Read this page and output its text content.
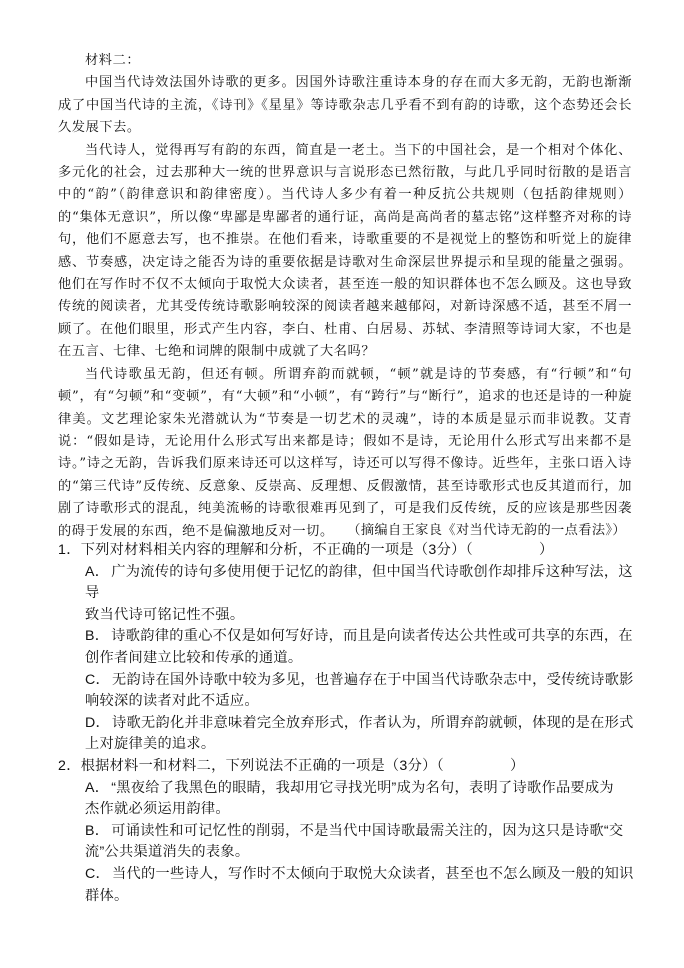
材料二：

中国当代诗效法国外诗歌的更多。因国外诗歌注重诗本身的存在而大多无韵，无韵也渐渐成了中国当代诗的主流，《诗刊》《星星》等诗歌杂志几乎看不到有韵的诗歌，这个态势还会长久发展下去。

当代诗人，觉得再写有韵的东西，简直是一老土。当下的中国社会，是一个相对个体化、多元化的社会，过去那种大一统的世界意识与言说形态已然衍散，与此几乎同时衍散的是语言中的“韵”（韵律意识和韵律密度）。当代诗人多少有着一种反抗公共规则（包括韵律规则）的“集体无意识”，所以像“卑鄙是卑鄙者的通行证，高尚是高尚者的墓志铭”这样整齐对称的诗句，他们不愿意去写，也不推崇。在他们看来，诗歌重要的不是视觉上的整饬和听觉上的旋律感、节奏感，决定诗之能否为诗的重要依据是诗歌对生命深层世界提示和呈现的能量之强弱。他们在写作时不仅不太倾向于取悦大众读者，甚至连一般的知识群体也不怎么顾及。这也导致传统的阅读者，尤其受传统诗歌影响较深的阅读者越来越郁闷，对新诗深感不适，甚至不屑一顾了。在他们眼里，形式产生内容，李白、杜甫、白居易、苏轼、李清照等诗词大家，不也是在五言、七律、七绝和词牌的限制中成就了大名吗？

当代诗歌虽无韵，但还有顿。所谓弃韵而就顿，“顿”就是诗的节奏感，有“行顿”和“句顿”，有“匀顿”和“变顿”，有“大顿”和“小顿”，有“跨行”与“断行”，追求的也还是诗的一种旋律美。文艺理论家朱光潜就认为“节奏是一切艺术的灵魂”，诗的本质是显示而非说教。艾青说：“假如是诗，无论用什么形式写出来都是诗；假如不是诗，无论用什么形式写出来都不是诗。”诗之无韵，告诉我们原来诗还可以这样写，诗还可以写得不像诗。近些年，主张口语入诗的“第三代诗”反传统、反意象、反崇高、反理想、反假激情，甚至诗歌形式也反其道而行，加剧了诗歌形式的混乱，纯美流畅的诗歌很难再见到了，可是我们反传统，反的应该是那些因袭的碍于发展的东西，绝不是偏激地反对一切。	（摘编自王家良《对当代诗无韵的一点看法》）
1．下列对材料相关内容的理解和分析，不正确的一项是（3分）（	）
A． 广为流传的诗句多使用便于记忆的韵律，但中国当代诗歌创作却排斥这种写法，这导
致当代诗可铭记性不强。
B． 诗歌韵律的重心不仅是如何写好诗，而且是向读者传达公共性或可共享的东西，在
创作者间建立比较和传承的通道。
C． 无韵诗在国外诗歌中较为多见，也普遍存在于中国当代诗歌杂志中，受传统诗歌影
响较深的读者对此不适应。
D． 诗歌无韵化并非意味着完全放弃形式，作者认为，所谓弃韵就顿，体现的是在形式
上对旋律美的追求。
2．根据材料一和材料二，下列说法不正确的一项是（3分）（	）
A． “黑夜给了我黑色的眼睛，我却用它寻找光明”成为名句，表明了诗歌作品要成为
杰作就必须运用韵律。
B． 可诵读性和可记忆性的削弱，不是当代中国诗歌最需关注的，因为这只是诗歌“交
流”公共渠道消失的表象。
C． 当代的一些诗人，写作时不太倾向于取悦大众读者，甚至也不怎么顾及一般的知识
群体。
